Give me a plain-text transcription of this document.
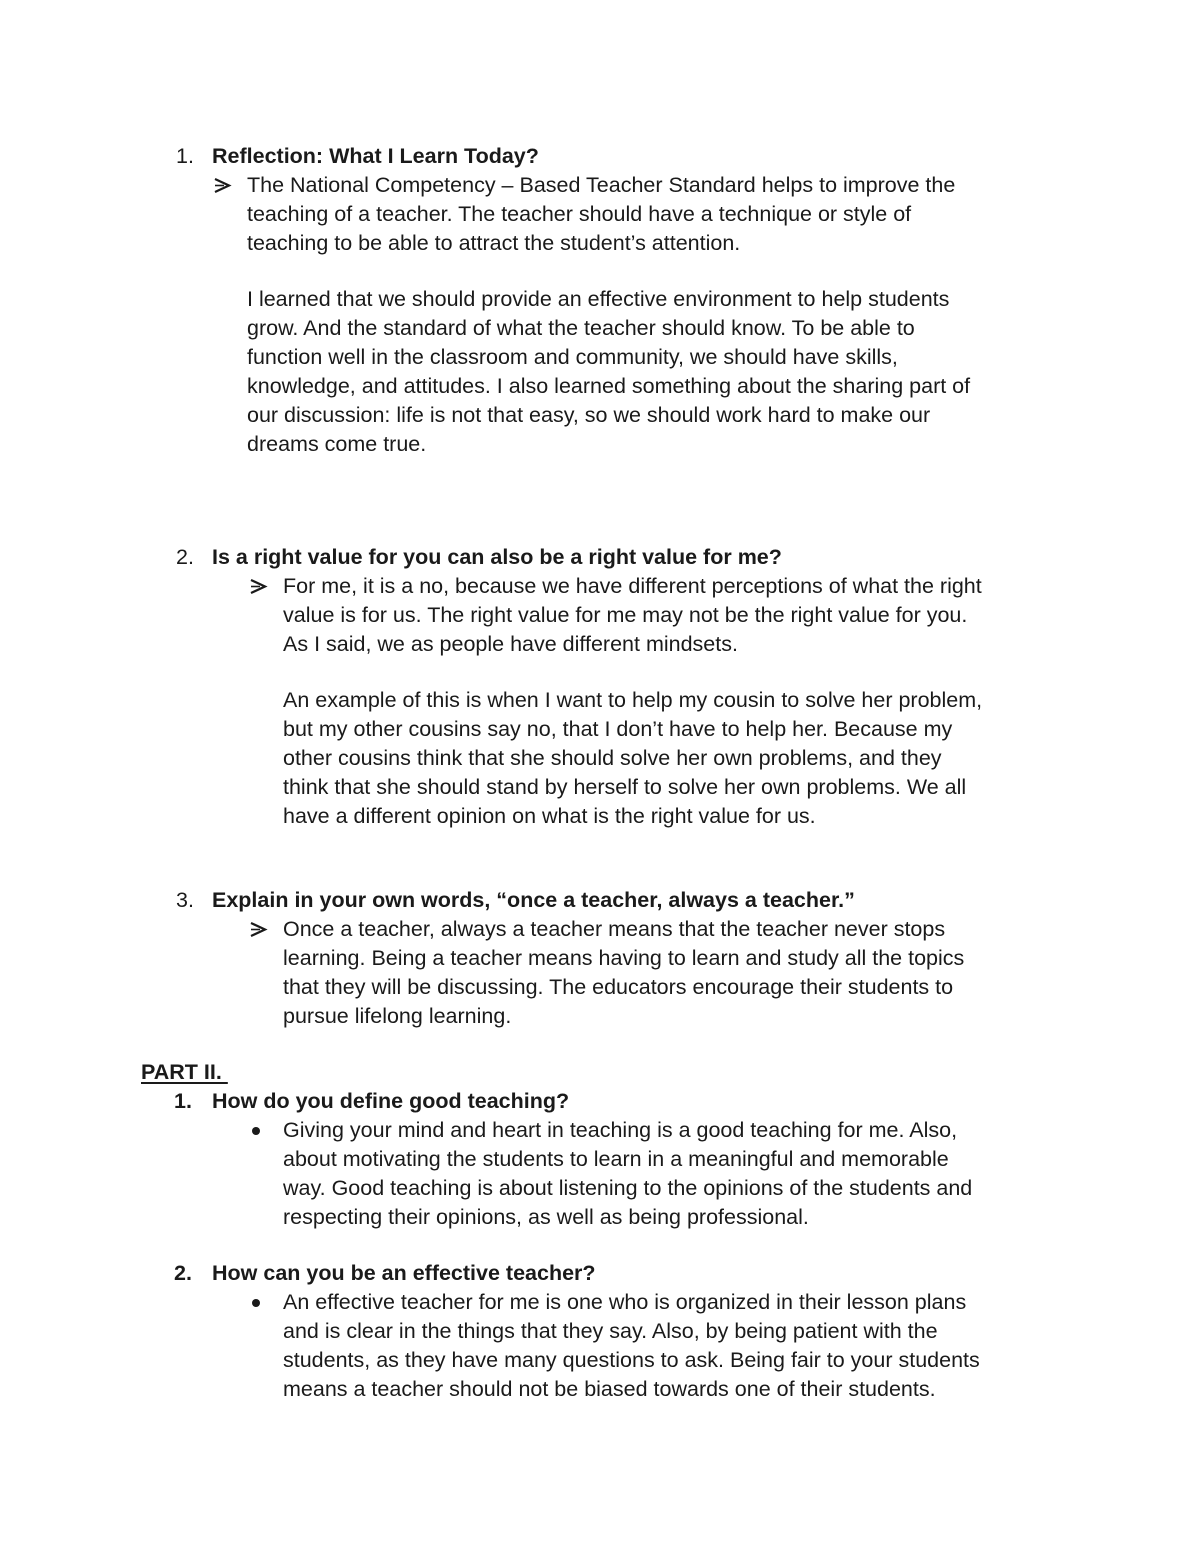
1. Reflection: What I Learn Today?
The National Competency – Based Teacher Standard helps to improve the
teaching of a teacher. The teacher should have a technique or style of
teaching to be able to attract the student’s attention.
I learned that we should provide an effective environment to help students
grow. And the standard of what the teacher should know. To be able to
function well in the classroom and community, we should have skills,
knowledge, and attitudes. I also learned something about the sharing part of
our discussion: life is not that easy, so we should work hard to make our
dreams come true.
2. Is a right value for you can also be a right value for me?
For me, it is a no, because we have different perceptions of what the right
value is for us. The right value for me may not be the right value for you.
As I said, we as people have different mindsets.
An example of this is when I want to help my cousin to solve her problem,
but my other cousins say no, that I don’t have to help her. Because my
other cousins think that she should solve her own problems, and they
think that she should stand by herself to solve her own problems. We all
have a different opinion on what is the right value for us.
3. Explain in your own words, “once a teacher, always a teacher.”
Once a teacher, always a teacher means that the teacher never stops
learning. Being a teacher means having to learn and study all the topics
that they will be discussing. The educators encourage their students to
pursue lifelong learning.
PART II.
1. How do you define good teaching?
Giving your mind and heart in teaching is a good teaching for me. Also,
about motivating the students to learn in a meaningful and memorable
way. Good teaching is about listening to the opinions of the students and
respecting their opinions, as well as being professional.
2. How can you be an effective teacher?
An effective teacher for me is one who is organized in their lesson plans
and is clear in the things that they say. Also, by being patient with the
students, as they have many questions to ask. Being fair to your students
means a teacher should not be biased towards one of their students.
